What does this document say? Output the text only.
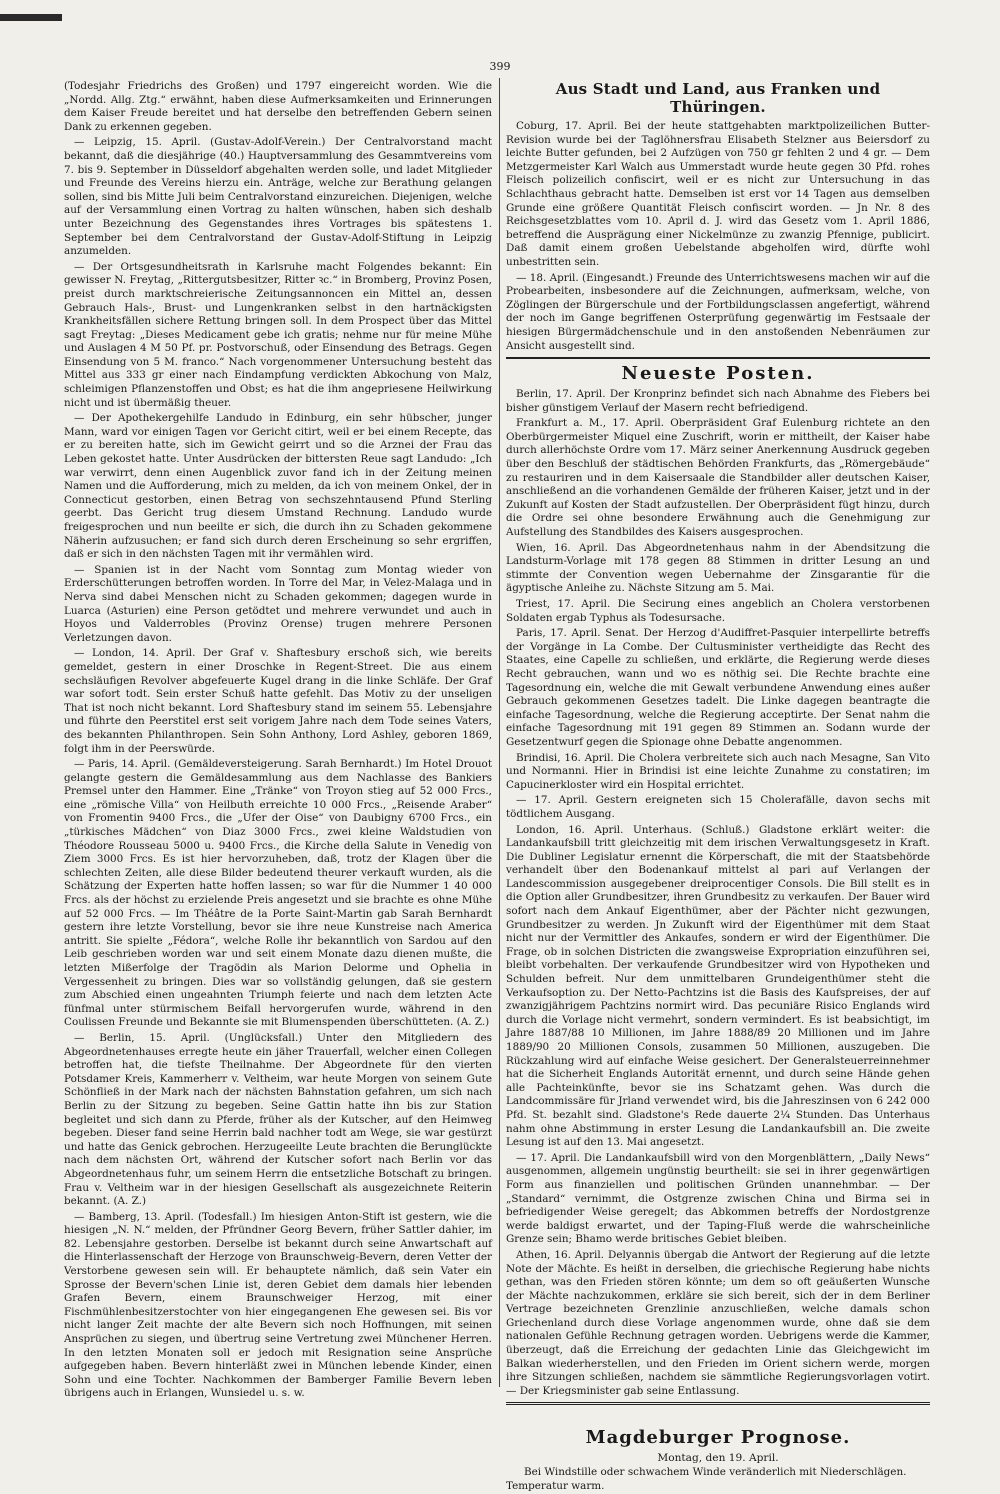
399

(Todesjahr Friedrichs des Großen) und 1797 eingereicht worden. Wie die „Nordd. Allg. Ztg.“ erwähnt, haben diese Aufmerksamkeiten und Erinnerungen dem Kaiser Freude bereitet und hat derselbe den betreffenden Gebern seinen Dank zu erkennen gegeben.

— Leipzig, 15. April. (Gustav-Adolf-Verein.) Der Centralvorstand macht bekannt, daß die diesjährige (40.) Hauptversammlung des Gesammtvereins vom 7. bis 9. September in Düsseldorf abgehalten werden solle, und ladet Mitglieder und Freunde des Vereins hierzu ein. Anträge, welche zur Berathung gelangen sollen, sind bis Mitte Juli beim Centralvorstand einzureichen. Diejenigen, welche auf der Versammlung einen Vortrag zu halten wünschen, haben sich deshalb unter Bezeichnung des Gegenstandes ihres Vortrages bis spätestens 1. September bei dem Centralvorstand der Gustav-Adolf-Stiftung in Leipzig anzumelden.

— Der Ortsgesundheitsrath in Karlsruhe macht Folgendes bekannt: Ein gewisser N. Freytag, „Rittergutsbesitzer, Ritter ꝛc.“ in Bromberg, Provinz Posen, preist durch marktschreierische Zeitungsannoncen ein Mittel an, dessen Gebrauch Hals-, Brust- und Lungenkranken selbst in den hartnäckigsten Krankheitsfällen sichere Rettung bringen soll. In dem Prospect über das Mittel sagt Freytag: „Dieses Medicament gebe ich gratis; nehme nur für meine Mühe und Auslagen 4 M 50 Pf. pr. Postvorschuß, oder Einsendung des Betrags. Gegen Einsendung von 5 M. franco.“ Nach vorgenommener Untersuchung besteht das Mittel aus 333 gr einer nach Eindampfung verdickten Abkochung von Malz, schleimigen Pflanzenstoffen und Obst; es hat die ihm angepriesene Heilwirkung nicht und ist übermäßig theuer.

— Der Apothekergehilfe Landudo in Edinburg, ein sehr hübscher, junger Mann, ward vor einigen Tagen vor Gericht citirt, weil er bei einem Recepte, das er zu bereiten hatte, sich im Gewicht geirrt und so die Arznei der Frau das Leben gekostet hatte. Unter Ausdrücken der bittersten Reue sagt Landudo: „Ich war verwirrt, denn einen Augenblick zuvor fand ich in der Zeitung meinen Namen und die Aufforderung, mich zu melden, da ich von meinem Onkel, der in Connecticut gestorben, einen Betrag von sechszehntausend Pfund Sterling geerbt. Das Gericht trug diesem Umstand Rechnung. Landudo wurde freigesprochen und nun beeilte er sich, die durch ihn zu Schaden gekommene Näherin aufzusuchen; er fand sich durch deren Erscheinung so sehr ergriffen, daß er sich in den nächsten Tagen mit ihr vermählen wird.

— Spanien ist in der Nacht vom Sonntag zum Montag wieder von Erderschütterungen betroffen worden. In Torre del Mar, in Velez-Malaga und in Nerva sind dabei Menschen nicht zu Schaden gekommen; dagegen wurde in Luarca (Asturien) eine Person getödtet und mehrere verwundet und auch in Hoyos und Valderrobles (Provinz Orense) trugen mehrere Personen Verletzungen davon.

— London, 14. April. Der Graf v. Shaftesbury erschoß sich, wie bereits gemeldet, gestern in einer Droschke in Regent-Street. Die aus einem sechsläufigen Revolver abgefeuerte Kugel drang in die linke Schläfe. Der Graf war sofort todt. Sein erster Schuß hatte gefehlt. Das Motiv zu der unseligen That ist noch nicht bekannt. Lord Shaftesbury stand im seinem 55. Lebensjahre und führte den Peerstitel erst seit vorigem Jahre nach dem Tode seines Vaters, des bekannten Philanthropen. Sein Sohn Anthony, Lord Ashley, geboren 1869, folgt ihm in der Peerswürde.

— Paris, 14. April. (Gemäldeversteigerung. Sarah Bernhardt.) Im Hotel Drouot gelangte gestern die Gemäldesammlung aus dem Nachlasse des Bankiers Premsel unter den Hammer. Eine „Tränke“ von Troyon stieg auf 52 000 Frcs., eine „römische Villa“ von Heilbuth erreichte 10 000 Frcs., „Reisende Araber“ von Fromentin 9400 Frcs., die „Ufer der Oise“ von Daubigny 6700 Frcs., ein „türkisches Mädchen“ von Diaz 3000 Frcs., zwei kleine Waldstudien von Théodore Rousseau 5000 u. 9400 Frcs., die Kirche della Salute in Venedig von Ziem 3000 Frcs. Es ist hier hervorzuheben, daß, trotz der Klagen über die schlechten Zeiten, alle diese Bilder bedeutend theurer verkauft wurden, als die Schätzung der Experten hatte hoffen lassen; so war für die Nummer 1 40 000 Frcs. als der höchst zu erzielende Preis angesetzt und sie brachte es ohne Mühe auf 52 000 Frcs. — Im Théâtre de la Porte Saint-Martin gab Sarah Bernhardt gestern ihre letzte Vorstellung, bevor sie ihre neue Kunstreise nach America antritt. Sie spielte „Fédora“, welche Rolle ihr bekanntlich von Sardou auf den Leib geschrieben worden war und seit einem Monate dazu dienen mußte, die letzten Mißerfolge der Tragödin als Marion Delorme und Ophelia in Vergessenheit zu bringen. Dies war so vollständig gelungen, daß sie gestern zum Abschied einen ungeahnten Triumph feierte und nach dem letzten Acte fünfmal unter stürmischem Beifall hervorgerufen wurde, während in den Coulissen Freunde und Bekannte sie mit Blumenspenden überschütteten. (A. Z.)

— Berlin, 15. April. (Unglücksfall.) Unter den Mitgliedern des Abgeordnetenhauses erregte heute ein jäher Trauerfall, welcher einen Collegen betroffen hat, die tiefste Theilnahme. Der Abgeordnete für den vierten Potsdamer Kreis, Kammerherr v. Veltheim, war heute Morgen von seinem Gute Schönfließ in der Mark nach der nächsten Bahnstation gefahren, um sich nach Berlin zu der Sitzung zu begeben. Seine Gattin hatte ihn bis zur Station begleitet und sich dann zu Pferde, früher als der Kutscher, auf den Heimweg begeben. Dieser fand seine Herrin bald nachher todt am Wege, sie war gestürzt und hatte das Genick gebrochen. Herzugeeilte Leute brachten die Berunglückte nach dem nächsten Ort, während der Kutscher sofort nach Berlin vor das Abgeordnetenhaus fuhr, um seinem Herrn die entsetzliche Botschaft zu bringen. Frau v. Veltheim war in der hiesigen Gesellschaft als ausgezeichnete Reiterin bekannt. (A. Z.)

— Bamberg, 13. April. (Todesfall.) Im hiesigen Anton-Stift ist gestern, wie die hiesigen „N. N.“ melden, der Pfründner Georg Bevern, früher Sattler dahier, im 82. Lebensjahre gestorben. Derselbe ist bekannt durch seine Anwartschaft auf die Hinterlassenschaft der Herzoge von Braunschweig-Bevern, deren Vetter der Verstorbene gewesen sein will. Er behauptete nämlich, daß sein Vater ein Sprosse der Bevern'schen Linie ist, deren Gebiet dem damals hier lebenden Grafen Bevern, einem Braunschweiger Herzog, mit einer Fischmühlenbesitzerstochter von hier eingegangenen Ehe gewesen sei. Bis vor nicht langer Zeit machte der alte Bevern sich noch Hoffnungen, mit seinen Ansprüchen zu siegen, und übertrug seine Vertretung zwei Münchener Herren. In den letzten Monaten soll er jedoch mit Resignation seine Ansprüche aufgegeben haben. Bevern hinterläßt zwei in München lebende Kinder, einen Sohn und eine Tochter. Nachkommen der Bamberger Familie Bevern leben übrigens auch in Erlangen, Wunsiedel u. s. w.

Aus Stadt und Land, aus Franken und Thüringen.

Coburg, 17. April. Bei der heute stattgehabten marktpolizeilichen Butter-Revision wurde bei der Taglöhnersfrau Elisabeth Stelzner aus Beiersdorf zu leichte Butter gefunden, bei 2 Aufzügen von 750 gr fehlten 2 und 4 gr. — Dem Metzgermeister Karl Walch aus Ummerstadt wurde heute gegen 30 Pfd. rohes Fleisch polizeilich confiscirt, weil er es nicht zur Untersuchung in das Schlachthaus gebracht hatte. Demselben ist erst vor 14 Tagen aus demselben Grunde eine größere Quantität Fleisch confiscirt worden. — Jn Nr. 8 des Reichsgesetzblattes vom 10. April d. J. wird das Gesetz vom 1. April 1886, betreffend die Ausprägung einer Nickelmünze zu zwanzig Pfennige, publicirt. Daß damit einem großen Uebelstande abgeholfen wird, dürfte wohl unbestritten sein.

— 18. April. (Eingesandt.) Freunde des Unterrichtswesens machen wir auf die Probearbeiten, insbesondere auf die Zeichnungen, aufmerksam, welche, von Zöglingen der Bürgerschule und der Fortbildungsclassen angefertigt, während der noch im Gange begriffenen Osterprüfung gegenwärtig im Festsaale der hiesigen Bürgermädchenschule und in den anstoßenden Nebenräumen zur Ansicht ausgestellt sind.

Neueste Posten.

Berlin, 17. April. Der Kronprinz befindet sich nach Abnahme des Fiebers bei bisher günstigem Verlauf der Masern recht befriedigend.

Frankfurt a. M., 17. April. Oberpräsident Graf Eulenburg richtete an den Oberbürgermeister Miquel eine Zuschrift, worin er mittheilt, der Kaiser habe durch allerhöchste Ordre vom 17. März seiner Anerkennung Ausdruck gegeben über den Beschluß der städtischen Behörden Frankfurts, das „Römergebäude“ zu restauriren und in dem Kaisersaale die Standbilder aller deutschen Kaiser, anschließend an die vorhandenen Gemälde der früheren Kaiser, jetzt und in der Zukunft auf Kosten der Stadt aufzustellen. Der Oberpräsident fügt hinzu, durch die Ordre sei ohne besondere Erwähnung auch die Genehmigung zur Aufstellung des Standbildes des Kaisers ausgesprochen.

Wien, 16. April. Das Abgeordnetenhaus nahm in der Abendsitzung die Landsturm-Vorlage mit 178 gegen 88 Stimmen in dritter Lesung an und stimmte der Convention wegen Uebernahme der Zinsgarantie für die ägyptische Anleihe zu. Nächste Sitzung am 5. Mai.

Triest, 17. April. Die Secirung eines angeblich an Cholera verstorbenen Soldaten ergab Typhus als Todesursache.

Paris, 17. April. Senat. Der Herzog d'Audiffret-Pasquier interpellirte betreffs der Vorgänge in La Combe. Der Cultusminister vertheidigte das Recht des Staates, eine Capelle zu schließen, und erklärte, die Regierung werde dieses Recht gebrauchen, wann und wo es nöthig sei. Die Rechte brachte eine Tagesordnung ein, welche die mit Gewalt verbundene Anwendung eines außer Gebrauch gekommenen Gesetzes tadelt. Die Linke dagegen beantragte die einfache Tagesordnung, welche die Regierung acceptirte. Der Senat nahm die einfache Tagesordnung mit 191 gegen 89 Stimmen an. Sodann wurde der Gesetzentwurf gegen die Spionage ohne Debatte angenommen.

Brindisi, 16. April. Die Cholera verbreitete sich auch nach Mesagne, San Vito und Normanni. Hier in Brindisi ist eine leichte Zunahme zu constatiren; im Capucinerkloster wird ein Hospital errichtet.

— 17. April. Gestern ereigneten sich 15 Cholerafälle, davon sechs mit tödtlichem Ausgang.

London, 16. April. Unterhaus. (Schluß.) Gladstone erklärt weiter: die Landankaufsbill tritt gleichzeitig mit dem irischen Verwaltungsgesetz in Kraft. Die Dubliner Legislatur ernennt die Körperschaft, die mit der Staatsbehörde verhandelt über den Bodenankauf mittelst al pari auf Verlangen der Landescommission ausgegebener dreiprocentiger Consols. Die Bill stellt es in die Option aller Grundbesitzer, ihren Grundbesitz zu verkaufen. Der Bauer wird sofort nach dem Ankauf Eigenthümer, aber der Pächter nicht gezwungen, Grundbesitzer zu werden. Jn Zukunft wird der Eigenthümer mit dem Staat nicht nur der Vermittler des Ankaufes, sondern er wird der Eigenthümer. Die Frage, ob in solchen Districten die zwangsweise Expropriation einzuführen sei, bleibt vorbehalten. Der verkaufende Grundbesitzer wird von Hypotheken und Schulden befreit. Nur dem unmittelbaren Grundeigenthümer steht die Verkaufsoption zu. Der Netto-Pachtzins ist die Basis des Kaufspreises, der auf zwanzigjährigem Pachtzins normirt wird. Das pecuniäre Risico Englands wird durch die Vorlage nicht vermehrt, sondern vermindert. Es ist beabsichtigt, im Jahre 1887/88 10 Millionen, im Jahre 1888/89 20 Millionen und im Jahre 1889/90 20 Millionen Consols, zusammen 50 Millionen, auszugeben. Die Rückzahlung wird auf einfache Weise gesichert. Der Generalsteuerreinnehmer hat die Sicherheit Englands Autorität ernennt, und durch seine Hände gehen alle Pachteinkünfte, bevor sie ins Schatzamt gehen. Was durch die Landcommissäre für Jrland verwendet wird, bis die Jahreszinsen von 6 242 000 Pfd. St. bezahlt sind. Gladstone's Rede dauerte 2¼ Stunden. Das Unterhaus nahm ohne Abstimmung in erster Lesung die Landankaufsbill an. Die zweite Lesung ist auf den 13. Mai angesetzt.

— 17. April. Die Landankaufsbill wird von den Morgenblättern, „Daily News“ ausgenommen, allgemein ungünstig beurtheilt: sie sei in ihrer gegenwärtigen Form aus finanziellen und politischen Gründen unannehmbar. — Der „Standard“ vernimmt, die Ostgrenze zwischen China und Birma sei in befriedigender Weise geregelt; das Abkommen betreffs der Nordostgrenze werde baldigst erwartet, und der Taping-Fluß werde die wahrscheinliche Grenze sein; Bhamo werde britisches Gebiet bleiben.

Athen, 16. April. Delyannis übergab die Antwort der Regierung auf die letzte Note der Mächte. Es heißt in derselben, die griechische Regierung habe nichts gethan, was den Frieden stören könnte; um dem so oft geäußerten Wunsche der Mächte nachzukommen, erkläre sie sich bereit, sich der in dem Berliner Vertrage bezeichneten Grenzlinie anzuschließen, welche damals schon Griechenland durch diese Vorlage angenommen wurde, ohne daß sie dem nationalen Gefühle Rechnung getragen worden. Uebrigens werde die Kammer, überzeugt, daß die Erreichung der gedachten Linie das Gleichgewicht im Balkan wiederherstellen, und den Frieden im Orient sichern werde, morgen ihre Sitzungen schließen, nachdem sie sämmtliche Regierungsvorlagen votirt. — Der Kriegsminister gab seine Entlassung.

Magdeburger Prognose.
Montag, den 19. April.

Bei Windstille oder schwachem Winde veränderlich mit Niederschlägen. Temperatur warm.
